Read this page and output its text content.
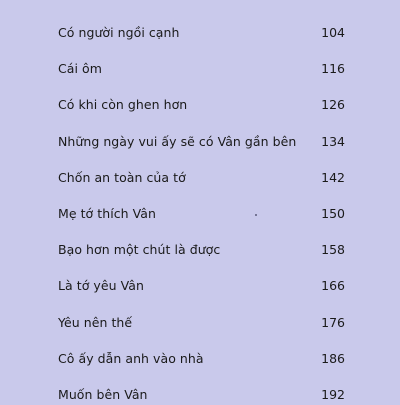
Có người ngồi cạnh	104
Cái ôm	116
Có khi còn ghen hơn	126
Những ngày vui ấy sẽ có Vân gần bên	134
Chốn an toàn của tớ	142
Mẹ tớ thích Vân	150
Bạo hơn một chút là được	158
Là tớ yêu Vân	166
Yêu nên thế	176
Cô ấy dẫn anh vào nhà	186
Muốn bên Vân	192
